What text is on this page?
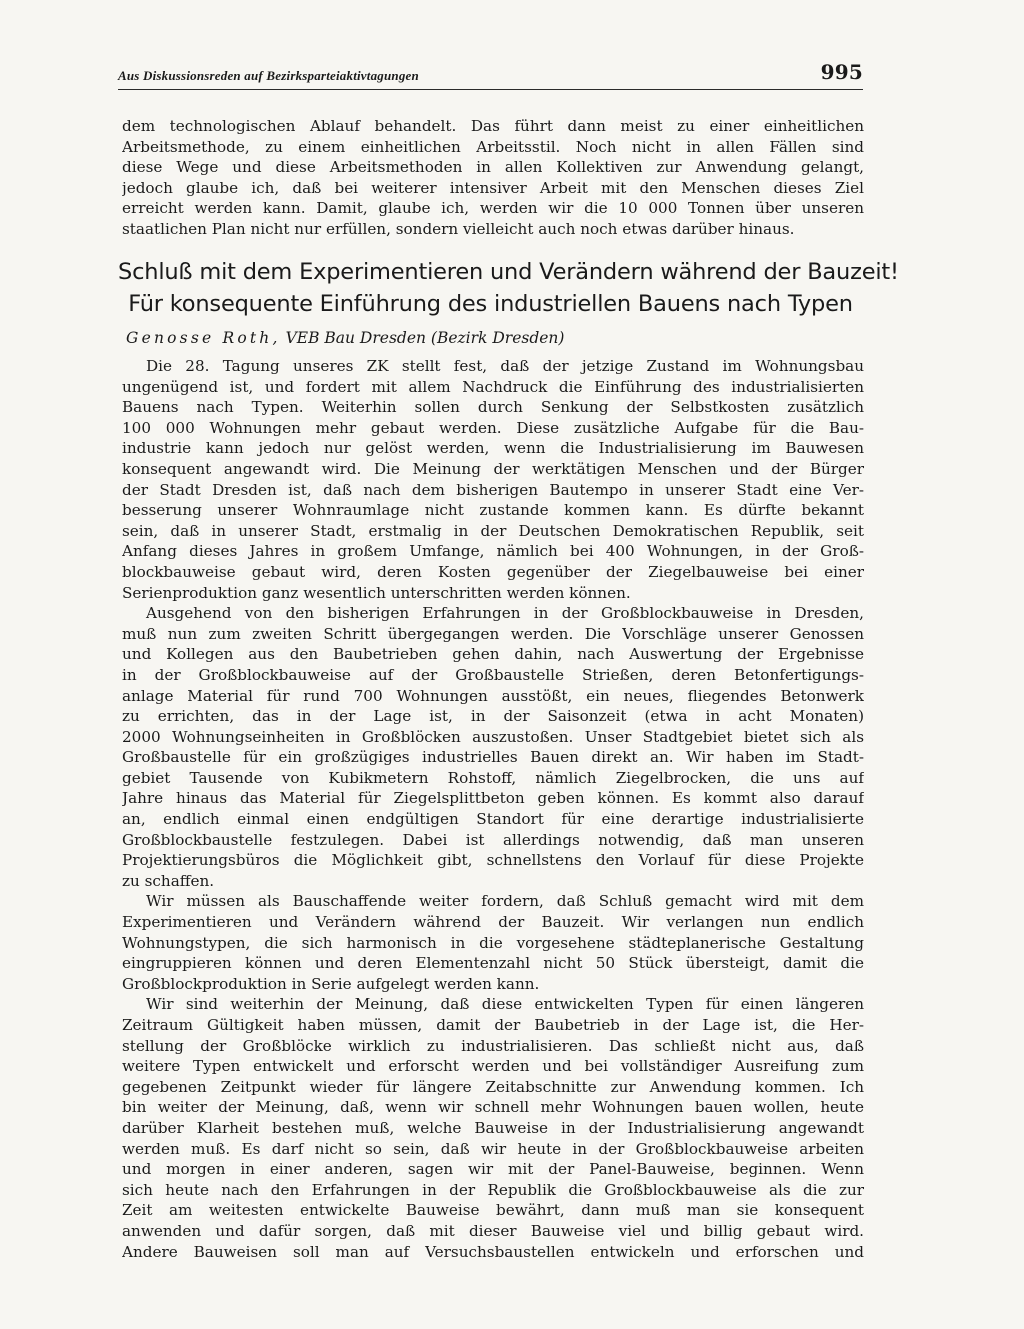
Aus Diskussionsreden auf Bezirksparteiaktivtagungen	995
dem technologischen Ablauf behandelt. Das führt dann meist zu einer einheitlichen
Arbeitsmethode, zu einem einheitlichen Arbeitsstil. Noch nicht in allen Fällen sind
diese Wege und diese Arbeitsmethoden in allen Kollektiven zur Anwendung gelangt,
jedoch glaube ich, daß bei weiterer intensiver Arbeit mit den Menschen dieses Ziel
erreicht werden kann. Damit, glaube ich, werden wir die 10 000 Tonnen über unseren
staatlichen Plan nicht nur erfüllen, sondern vielleicht auch noch etwas darüber hinaus.
Schluß mit dem Experimentieren und Verändern während der Bauzeit!
Für konsequente Einführung des industriellen Bauens nach Typen
Genosse Roth, VEB Bau Dresden (Bezirk Dresden)
Die 28. Tagung unseres ZK stellt fest, daß der jetzige Zustand im Wohnungsbau
ungenügend ist, und fordert mit allem Nachdruck die Einführung des industrialisierten
Bauens nach Typen. Weiterhin sollen durch Senkung der Selbstkosten zusätzlich
100 000 Wohnungen mehr gebaut werden. Diese zusätzliche Aufgabe für die Bau-
industrie kann jedoch nur gelöst werden, wenn die Industrialisierung im Bauwesen
konsequent angewandt wird. Die Meinung der werktätigen Menschen und der Bürger
der Stadt Dresden ist, daß nach dem bisherigen Bautempo in unserer Stadt eine Ver-
besserung unserer Wohnraumlage nicht zustande kommen kann. Es dürfte bekannt
sein, daß in unserer Stadt, erstmalig in der Deutschen Demokratischen Republik, seit
Anfang dieses Jahres in großem Umfange, nämlich bei 400 Wohnungen, in der Groß-
blockbauweise gebaut wird, deren Kosten gegenüber der Ziegelbauweise bei einer
Serienproduktion ganz wesentlich unterschritten werden können.
Ausgehend von den bisherigen Erfahrungen in der Großblockbauweise in Dresden,
muß nun zum zweiten Schritt übergegangen werden. Die Vorschläge unserer Genossen
und Kollegen aus den Baubetrieben gehen dahin, nach Auswertung der Ergebnisse
in der Großblockbauweise auf der Großbaustelle Strießen, deren Betonfertigungs-
anlage Material für rund 700 Wohnungen ausstößt, ein neues, fliegendes Betonwerk
zu errichten, das in der Lage ist, in der Saisonzeit (etwa in acht Monaten)
2000 Wohnungseinheiten in Großblöcken auszustoßen. Unser Stadtgebiet bietet sich als
Großbaustelle für ein großzügiges industrielles Bauen direkt an. Wir haben im Stadt-
gebiet Tausende von Kubikmetern Rohstoff, nämlich Ziegelbrocken, die uns auf
Jahre hinaus das Material für Ziegelsplittbeton geben können. Es kommt also darauf
an, endlich einmal einen endgültigen Standort für eine derartige industrialisierte
Großblockbaustelle festzulegen. Dabei ist allerdings notwendig, daß man unseren
Projektierungsbüros die Möglichkeit gibt, schnellstens den Vorlauf für diese Projekte
zu schaffen.
Wir müssen als Bauschaffende weiter fordern, daß Schluß gemacht wird mit dem
Experimentieren und Verändern während der Bauzeit. Wir verlangen nun endlich
Wohnungstypen, die sich harmonisch in die vorgesehene städteplanerische Gestaltung
eingruppieren können und deren Elementenzahl nicht 50 Stück übersteigt, damit die
Großblockproduktion in Serie aufgelegt werden kann.
Wir sind weiterhin der Meinung, daß diese entwickelten Typen für einen längeren
Zeitraum Gültigkeit haben müssen, damit der Baubetrieb in der Lage ist, die Her-
stellung der Großblöcke wirklich zu industrialisieren. Das schließt nicht aus, daß
weitere Typen entwickelt und erforscht werden und bei vollständiger Ausreifung zum
gegebenen Zeitpunkt wieder für längere Zeitabschnitte zur Anwendung kommen. Ich
bin weiter der Meinung, daß, wenn wir schnell mehr Wohnungen bauen wollen, heute
darüber Klarheit bestehen muß, welche Bauweise in der Industrialisierung angewandt
werden muß. Es darf nicht so sein, daß wir heute in der Großblockbauweise arbeiten
und morgen in einer anderen, sagen wir mit der Panel-Bauweise, beginnen. Wenn
sich heute nach den Erfahrungen in der Republik die Großblockbauweise als die zur
Zeit am weitesten entwickelte Bauweise bewährt, dann muß man sie konsequent
anwenden und dafür sorgen, daß mit dieser Bauweise viel und billig gebaut wird.
Andere Bauweisen soll man auf Versuchsbaustellen entwickeln und erforschen und
